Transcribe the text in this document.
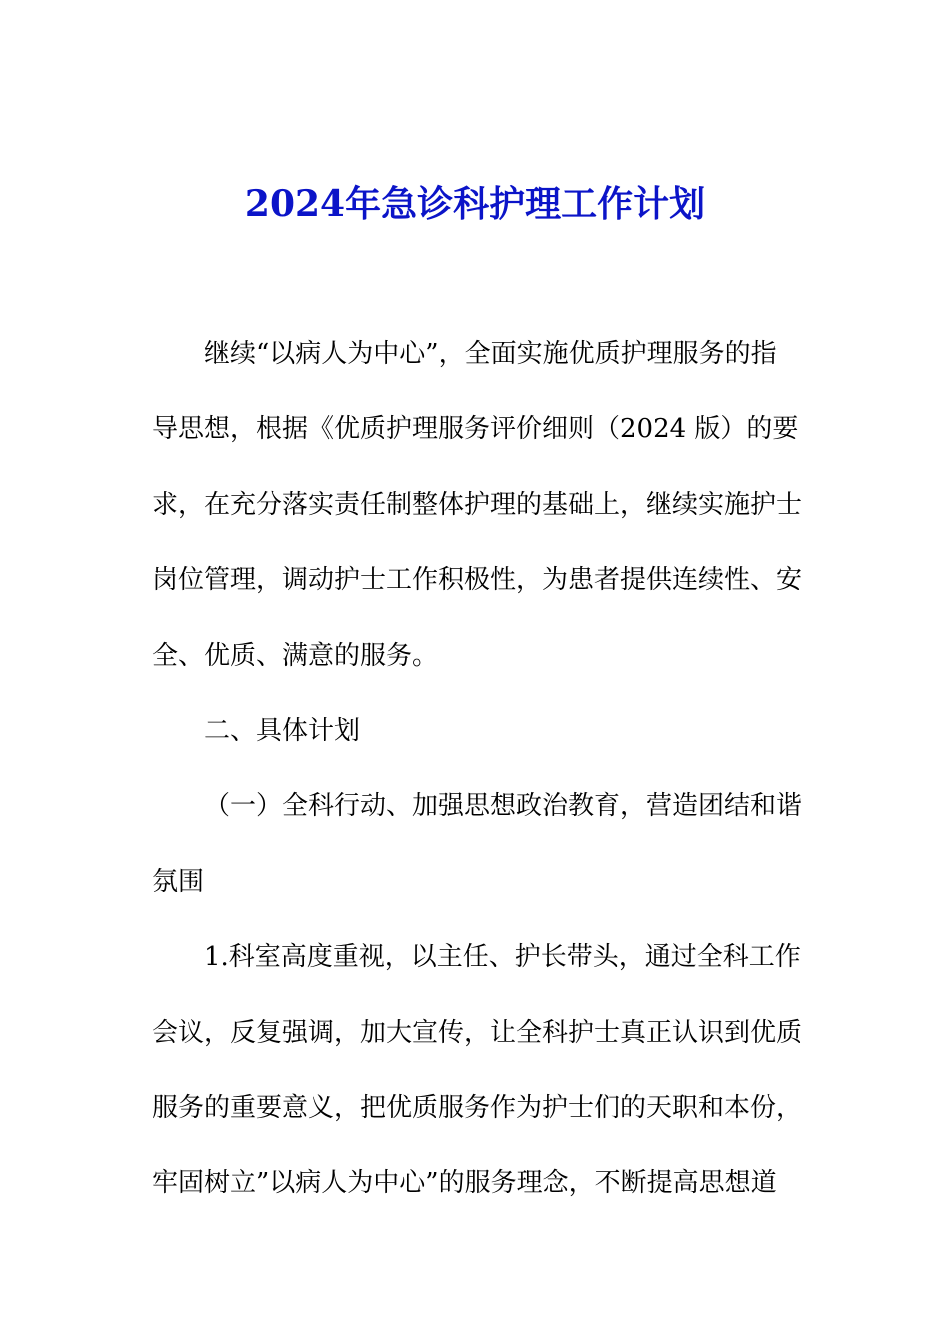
2024年急诊科护理工作计划
继续“以病人为中心”，全面实施优质护理服务的指
导思想，根据《优质护理服务评价细则（2024 版）的要
求，在充分落实责任制整体护理的基础上，继续实施护士
岗位管理，调动护士工作积极性，为患者提供连续性、安
全、优质、满意的服务。
二、具体计划
（一）全科行动、加强思想政治教育，营造团结和谐
氛围
1.科室高度重视，以主任、护长带头，通过全科工作
会议，反复强调，加大宣传，让全科护士真正认识到优质
服务的重要意义，把优质服务作为护士们的天职和本份，
牢固树立”以病人为中心”的服务理念，不断提高思想道
